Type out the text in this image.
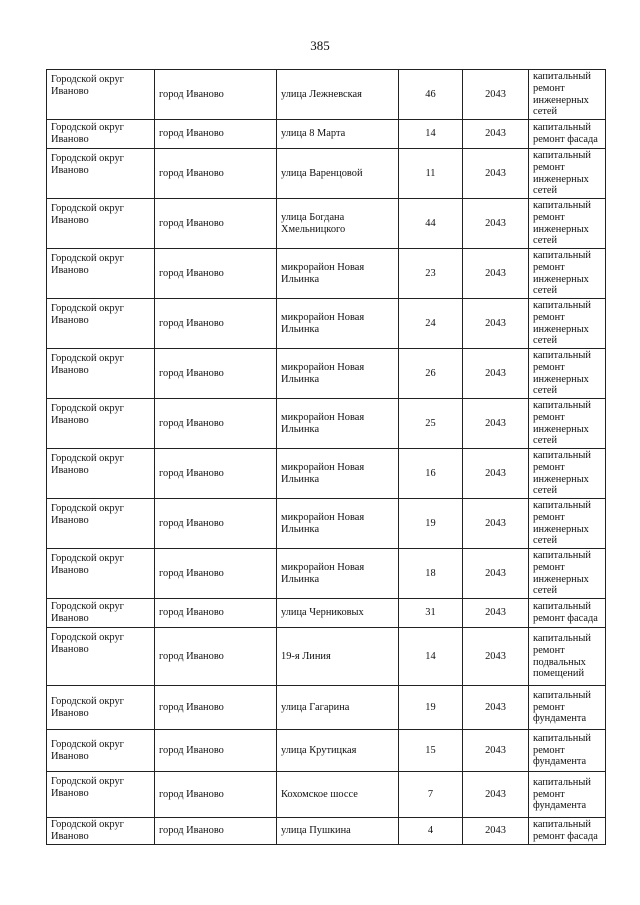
385
Городской округ Иваново	город Иваново	улица Лежневская	46	2043	капитальный ремонт инженерных сетей
Городской округ Иваново	город Иваново	улица 8 Марта	14	2043	капитальный ремонт фасада
Городской округ Иваново	город Иваново	улица Варенцовой	11	2043	капитальный ремонт инженерных сетей
Городской округ Иваново	город Иваново	улица Богдана Хмельницкого	44	2043	капитальный ремонт инженерных сетей
Городской округ Иваново	город Иваново	микрорайон Новая Ильинка	23	2043	капитальный ремонт инженерных сетей
Городской округ Иваново	город Иваново	микрорайон Новая Ильинка	24	2043	капитальный ремонт инженерных сетей
Городской округ Иваново	город Иваново	микрорайон Новая Ильинка	26	2043	капитальный ремонт инженерных сетей
Городской округ Иваново	город Иваново	микрорайон Новая Ильинка	25	2043	капитальный ремонт инженерных сетей
Городской округ Иваново	город Иваново	микрорайон Новая Ильинка	16	2043	капитальный ремонт инженерных сетей
Городской округ Иваново	город Иваново	микрорайон Новая Ильинка	19	2043	капитальный ремонт инженерных сетей
Городской округ Иваново	город Иваново	микрорайон Новая Ильинка	18	2043	капитальный ремонт инженерных сетей
Городской округ Иваново	город Иваново	улица Черниковых	31	2043	капитальный ремонт фасада
Городской округ Иваново	город Иваново	19-я Линия	14	2043	капитальный ремонт подвальных помещений
Городской округ Иваново	город Иваново	улица Гагарина	19	2043	капитальный ремонт фундамента
Городской округ Иваново	город Иваново	улица Крутицкая	15	2043	капитальный ремонт фундамента
Городской округ Иваново	город Иваново	Кохомское шоссе	7	2043	капитальный ремонт фундамента
Городской округ Иваново	город Иваново	улица Пушкина	4	2043	капитальный ремонт фасада
